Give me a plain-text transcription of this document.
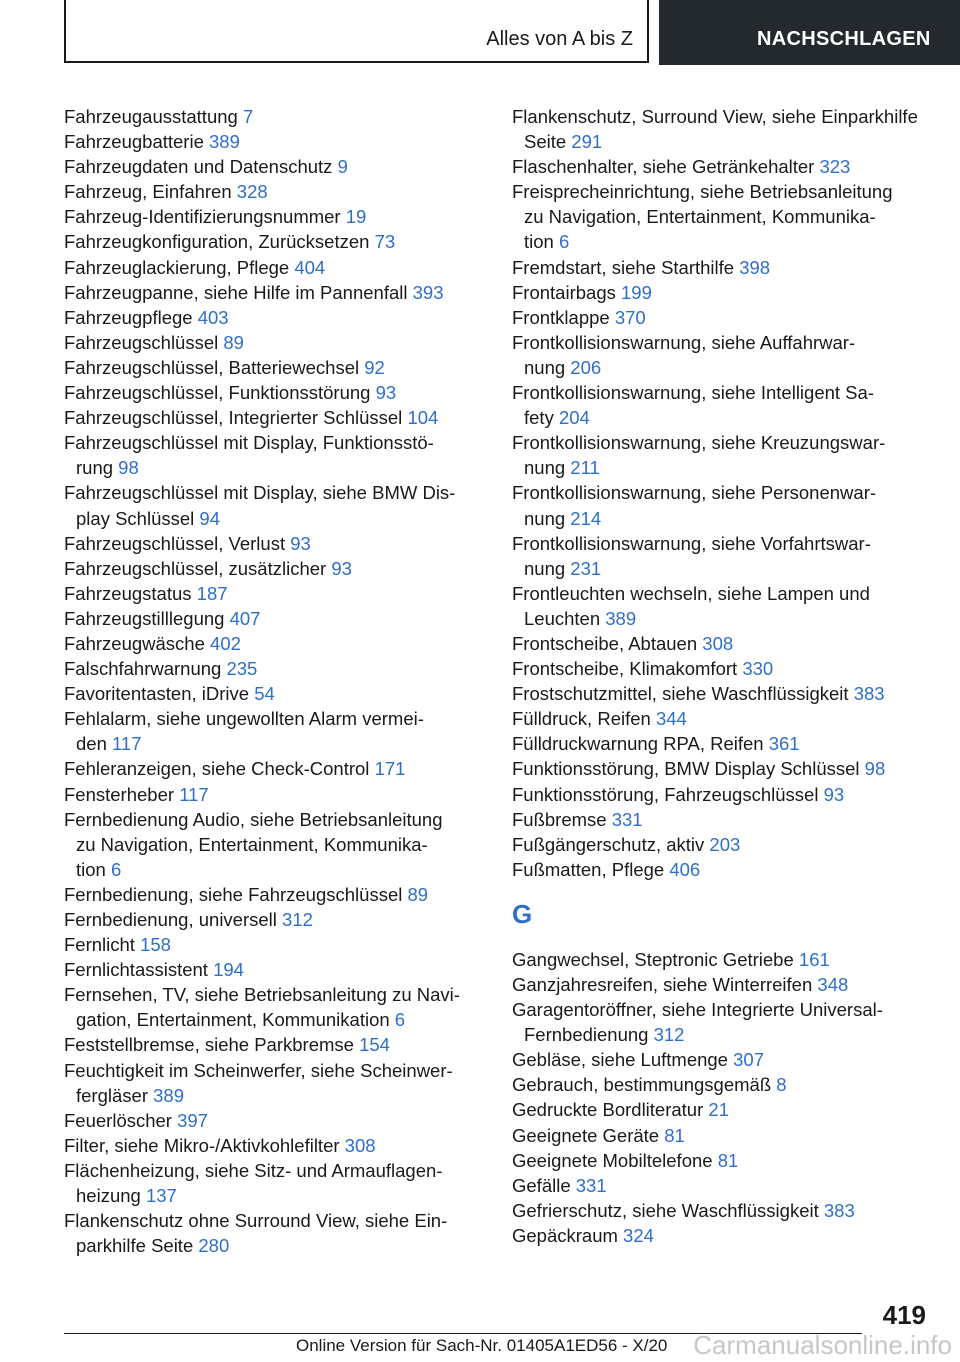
Alles von A bis Z	NACHSCHLAGEN
Fahrzeugausstattung 7
Fahrzeugbatterie 389
Fahrzeugdaten und Datenschutz 9
Fahrzeug, Einfahren 328
Fahrzeug-Identifizierungsnummer 19
Fahrzeugkonfiguration, Zurücksetzen 73
Fahrzeuglackierung, Pflege 404
Fahrzeugpanne, siehe Hilfe im Pannenfall 393
Fahrzeugpflege 403
Fahrzeugschlüssel 89
Fahrzeugschlüssel, Batteriewechsel 92
Fahrzeugschlüssel, Funktionsstörung 93
Fahrzeugschlüssel, Integrierter Schlüssel 104
Fahrzeugschlüssel mit Display, Funktionsstö-
rung 98
Fahrzeugschlüssel mit Display, siehe BMW Dis-
play Schlüssel 94
Fahrzeugschlüssel, Verlust 93
Fahrzeugschlüssel, zusätzlicher 93
Fahrzeugstatus 187
Fahrzeugstilllegung 407
Fahrzeugwäsche 402
Falschfahrwarnung 235
Favoritentasten, iDrive 54
Fehlalarm, siehe ungewollten Alarm vermei-
den 117
Fehleranzeigen, siehe Check-Control 171
Fensterheber 117
Fernbedienung Audio, siehe Betriebsanleitung
zu Navigation, Entertainment, Kommunika-
tion 6
Fernbedienung, siehe Fahrzeugschlüssel 89
Fernbedienung, universell 312
Fernlicht 158
Fernlichtassistent 194
Fernsehen, TV, siehe Betriebsanleitung zu Navi-
gation, Entertainment, Kommunikation 6
Feststellbremse, siehe Parkbremse 154
Feuchtigkeit im Scheinwerfer, siehe Scheinwer-
fergläser 389
Feuerlöscher 397
Filter, siehe Mikro-/Aktivkohlefilter 308
Flächenheizung, siehe Sitz- und Armauflagen-
heizung 137
Flankenschutz ohne Surround View, siehe Ein-
parkhilfe Seite 280
Flankenschutz, Surround View, siehe Einparkhilfe
Seite 291
Flaschenhalter, siehe Getränkehalter 323
Freisprecheinrichtung, siehe Betriebsanleitung
zu Navigation, Entertainment, Kommunika-
tion 6
Fremdstart, siehe Starthilfe 398
Frontairbags 199
Frontklappe 370
Frontkollisionswarnung, siehe Auffahrwar-
nung 206
Frontkollisionswarnung, siehe Intelligent Sa-
fety 204
Frontkollisionswarnung, siehe Kreuzungswar-
nung 211
Frontkollisionswarnung, siehe Personenwar-
nung 214
Frontkollisionswarnung, siehe Vorfahrtswar-
nung 231
Frontleuchten wechseln, siehe Lampen und
Leuchten 389
Frontscheibe, Abtauen 308
Frontscheibe, Klimakomfort 330
Frostschutzmittel, siehe Waschflüssigkeit 383
Fülldruck, Reifen 344
Fülldruckwarnung RPA, Reifen 361
Funktionsstörung, BMW Display Schlüssel 98
Funktionsstörung, Fahrzeugschlüssel 93
Fußbremse 331
Fußgängerschutz, aktiv 203
Fußmatten, Pflege 406
G
Gangwechsel, Steptronic Getriebe 161
Ganzjahresreifen, siehe Winterreifen 348
Garagentoröffner, siehe Integrierte Universal-
Fernbedienung 312
Gebläse, siehe Luftmenge 307
Gebrauch, bestimmungsgemäß 8
Gedruckte Bordliteratur 21
Geeignete Geräte 81
Geeignete Mobiltelefone 81
Gefälle 331
Gefrierschutz, siehe Waschflüssigkeit 383
Gepäckraum 324
419
Online Version für Sach-Nr. 01405A1ED56 - X/20 Carmanualsonline.info
